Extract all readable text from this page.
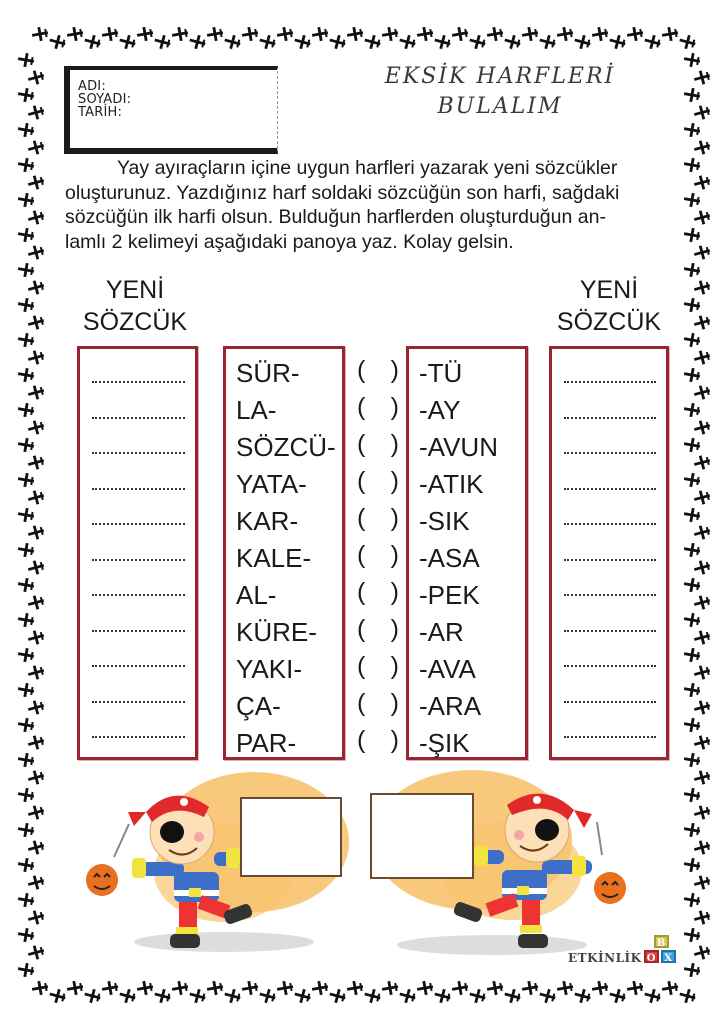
ADI:
SOYADI:
TARİH:
EKSİK HARFLERİ
BULALIM
Yay ayıraçların içine uygun harfleri yazarak yeni sözcükler
oluşturunuz. Yazdığınız harf soldaki sözcüğün son harfi, sağdaki
sözcüğün ilk harfi olsun. Bulduğun harflerden oluşturduğun an-
lamlı 2 kelimeyi aşağıdaki panoya yaz. Kolay gelsin.
YENİ
SÖZCÜK
YENİ
SÖZCÜK
SÜR-
LA-
SÖZCÜ-
YATA-
KAR-
KALE-
AL-
KÜRE-
YAKI-
ÇA-
PAR-
( )
( )
( )
( )
( )
( )
( )
( )
( )
( )
( )
-TÜ
-AY
-AVUN
-ATIK
-SIK
-ASA
-PEK
-AR
-AVA
-ARA
-ŞIK
ETKİNLİK
B
O X
